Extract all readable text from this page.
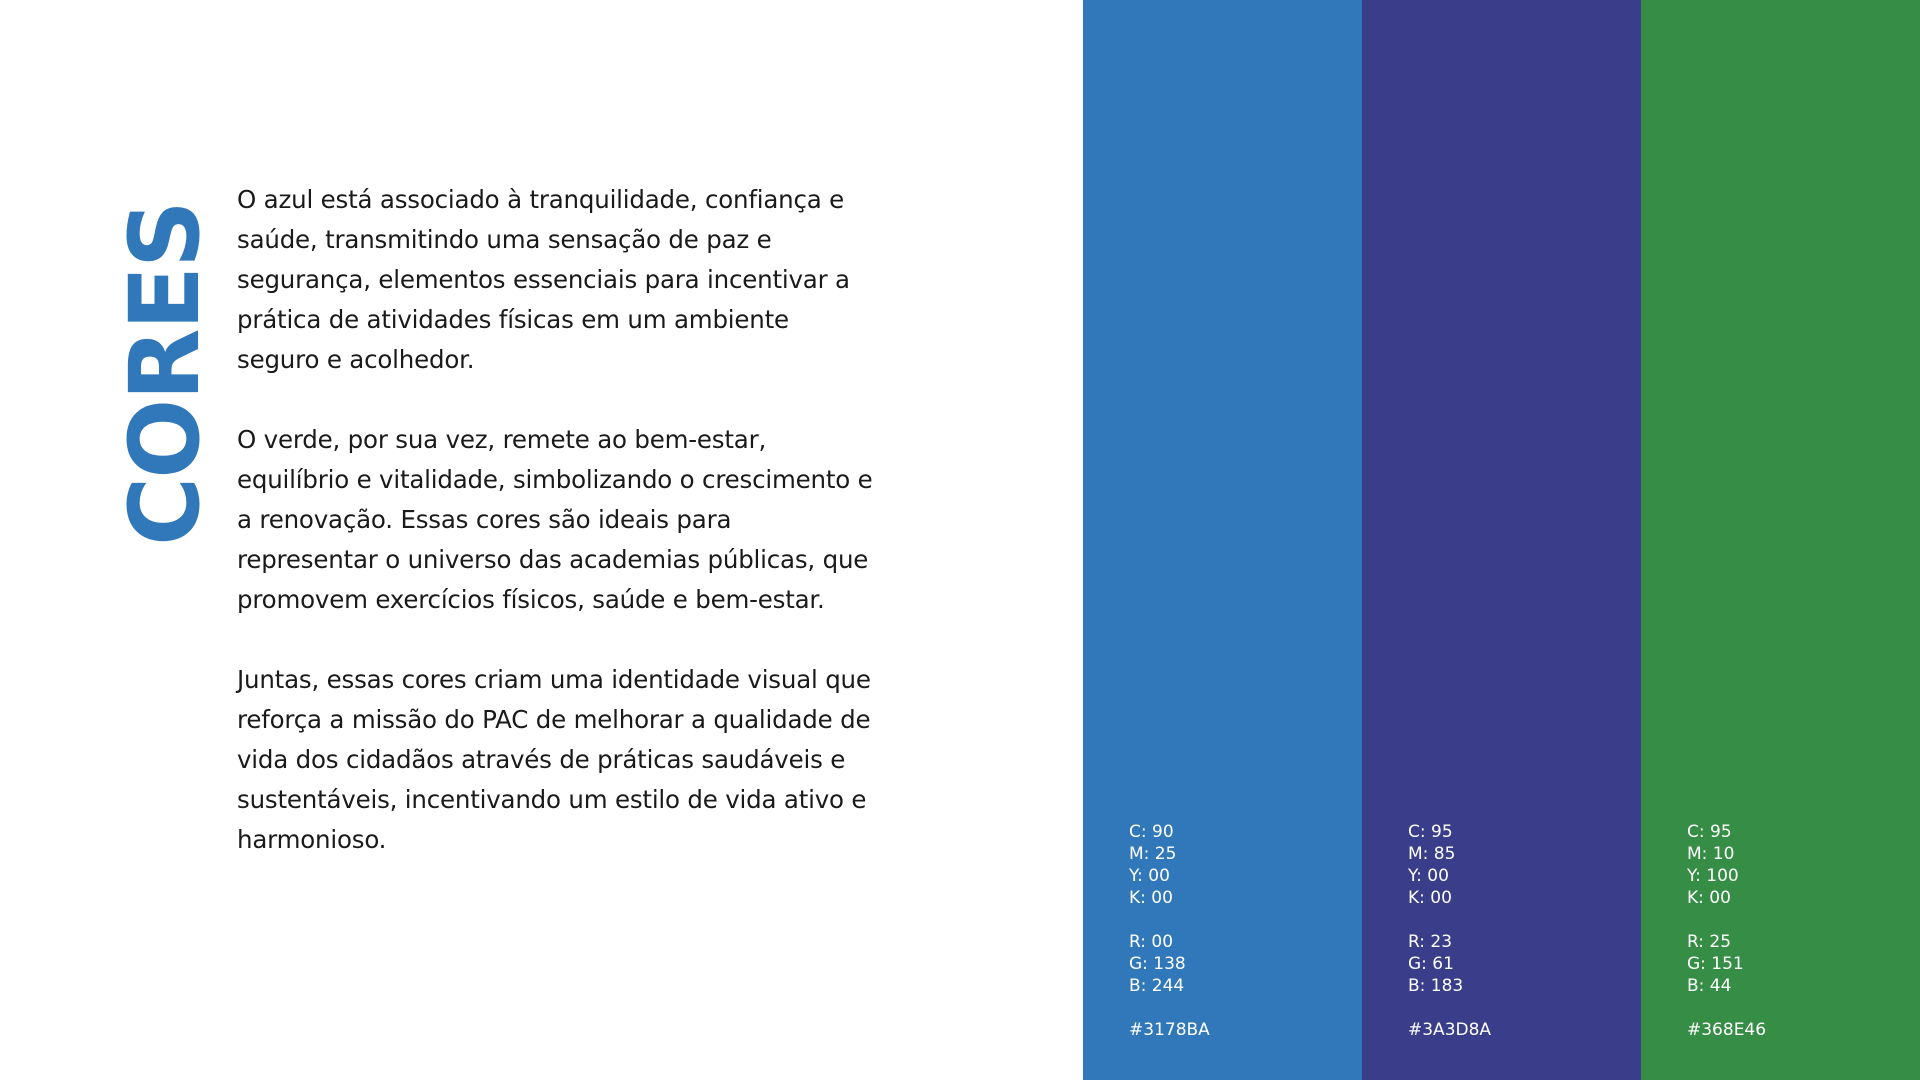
CORES

O azul está associado à tranquilidade, confiança e saúde, transmitindo uma sensação de paz e segurança, elementos essenciais para incentivar a prática de atividades físicas em um ambiente seguro e acolhedor.

O verde, por sua vez, remete ao bem-estar, equilíbrio e vitalidade, simbolizando o crescimento e a renovação. Essas cores são ideais para representar o universo das academias públicas, que promovem exercícios físicos, saúde e bem-estar.

Juntas, essas cores criam uma identidade visual que reforça a missão do PAC de melhorar a qualidade de vida dos cidadãos através de práticas saudáveis e sustentáveis, incentivando um estilo de vida ativo e harmonioso.	C: 90
M: 25
Y: 00
K: 00
R: 00
G: 138
B: 244
#3178BA
C: 95
M: 85
Y: 00
K: 00
R: 23
G: 61
B: 183
#3A3D8A
C: 95
M: 10
Y: 100
K: 00
R: 25
G: 151
B: 44
#368E46
